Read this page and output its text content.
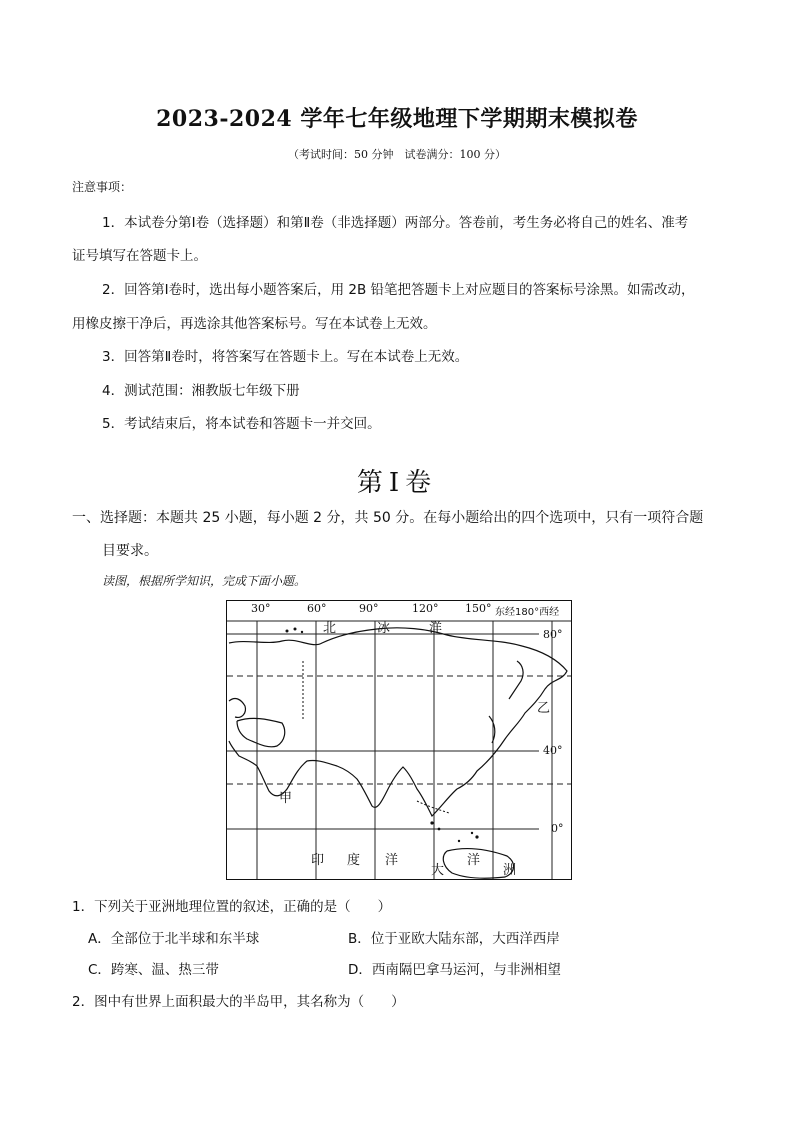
2023-2024 学年七年级地理下学期期末模拟卷
（考试时间：50 分钟　试卷满分：100 分）
注意事项：
1．本试卷分第Ⅰ卷（选择题）和第Ⅱ卷（非选择题）两部分。答卷前，考生务必将自己的姓名、准考
证号填写在答题卡上。
2．回答第Ⅰ卷时，选出每小题答案后，用 2B 铅笔把答题卡上对应题目的答案标号涂黑。如需改动，
用橡皮擦干净后，再选涂其他答案标号。写在本试卷上无效。
3．回答第Ⅱ卷时，将答案写在答题卡上。写在本试卷上无效。
4．测试范围：湘教版七年级下册
5．考试结束后，将本试卷和答题卡一并交回。
第Ⅰ卷
一、选择题：本题共 25 小题，每小题 2 分，共 50 分。在每小题给出的四个选项中，只有一项符合题
目要求。
读图，根据所学知识，完成下面小题。
30°	60°	90°	120° 150° 东经180°西经
80°
40°
0°
北	冰	洋
印 度 洋
大
洋
洲
甲
乙
1．下列关于亚洲地理位置的叙述，正确的是（　　）
A．全部位于北半球和东半球	B．位于亚欧大陆东部，大西洋西岸
C．跨寒、温、热三带	D．西南隔巴拿马运河，与非洲相望
2．图中有世界上面积最大的半岛甲，其名称为（　　）
